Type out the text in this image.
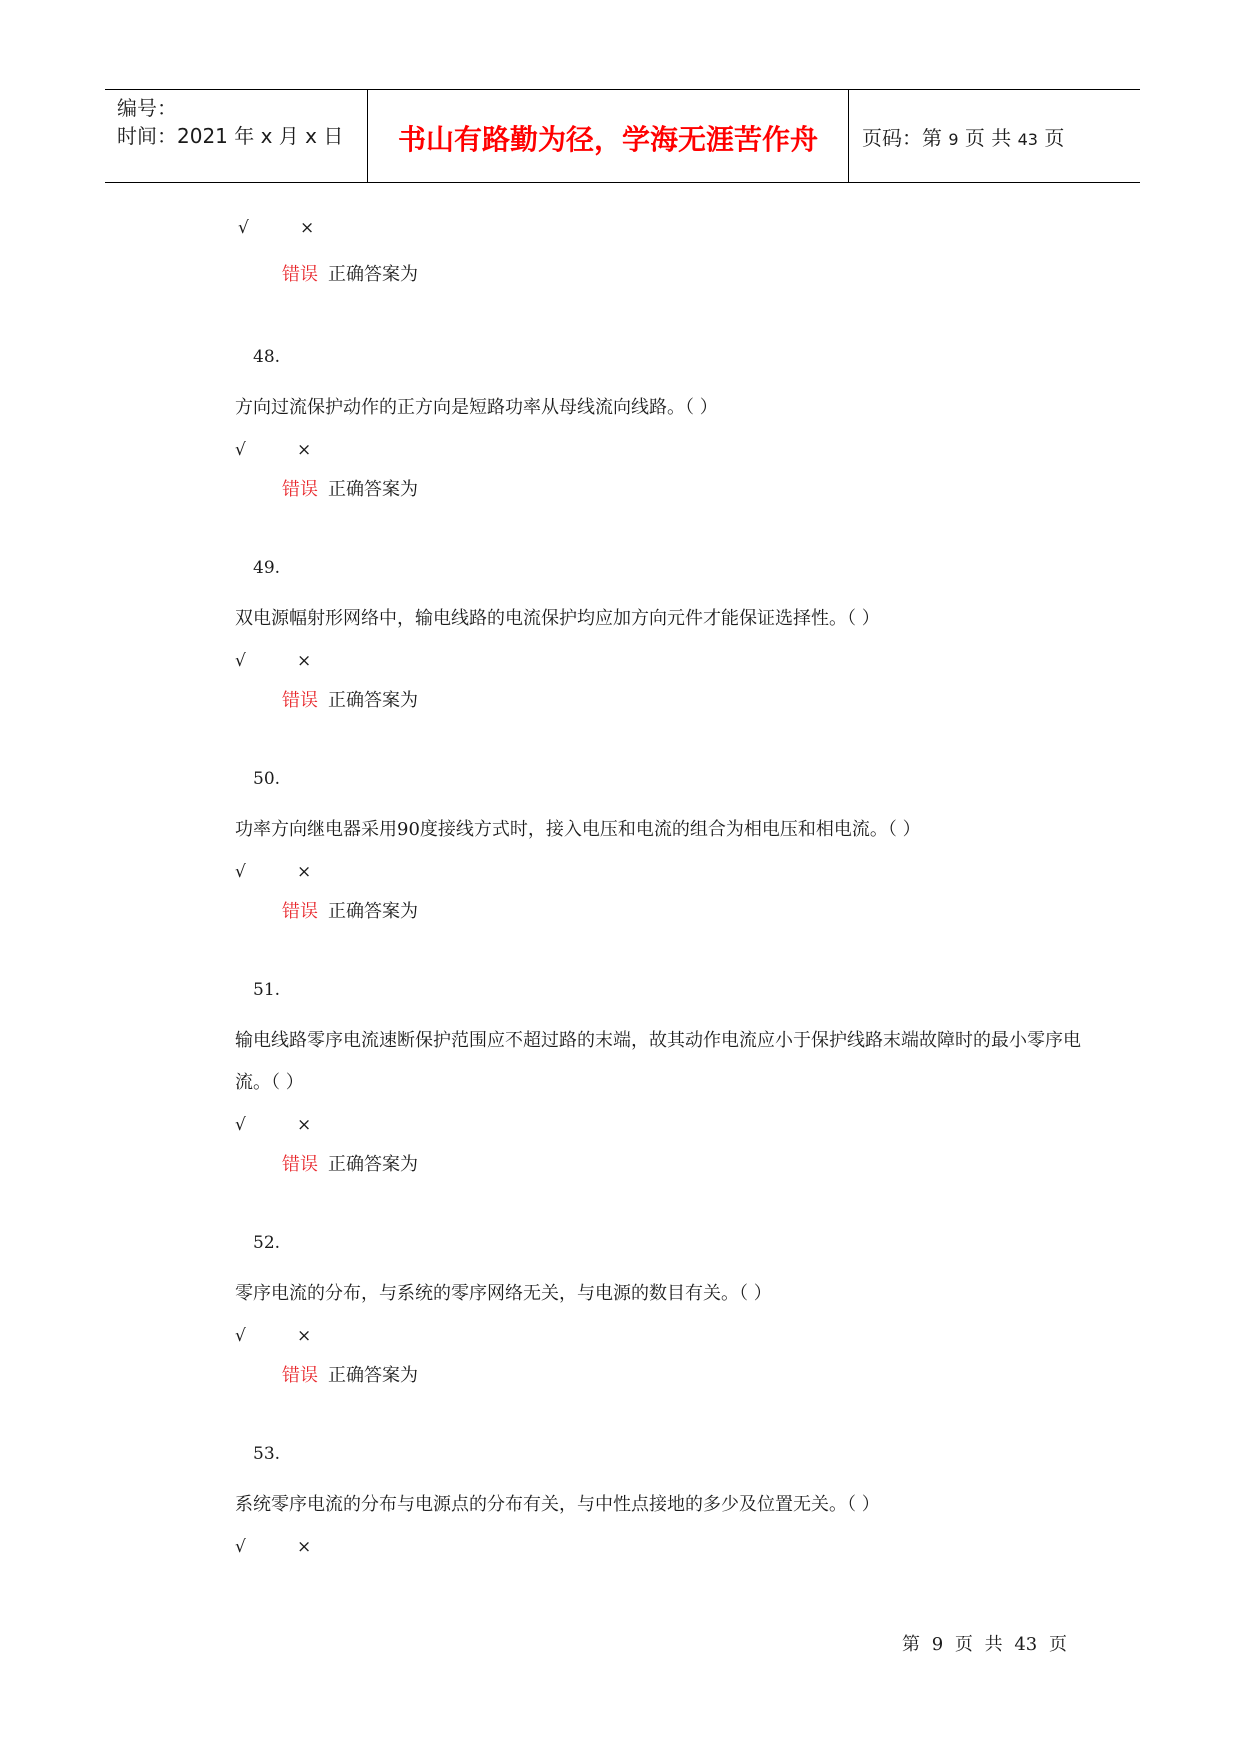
编号：
时间：2021 年 x 月 x 日	书山有路勤为径，学海无涯苦作舟	页码：第 9 页 共 43 页
√	×
错误 正确答案为
48.
方向过流保护动作的正方向是短路功率从母线流向线路。（ ）
√	×
错误 正确答案为
49.
双电源幅射形网络中，输电线路的电流保护均应加方向元件才能保证选择性。（ ）
√	×
错误 正确答案为
50.
功率方向继电器采用90度接线方式时，接入电压和电流的组合为相电压和相电流。（ ）
√	×
错误 正确答案为
51.
输电线路零序电流速断保护范围应不超过路的末端，故其动作电流应小于保护线路末端故障时的最小零序电流。（ ）
√	×
错误 正确答案为
52.
零序电流的分布，与系统的零序网络无关，与电源的数目有关。（ ）
√	×
错误 正确答案为
53.
系统零序电流的分布与电源点的分布有关，与中性点接地的多少及位置无关。（ ）
√	×
第 9 页 共 43 页
